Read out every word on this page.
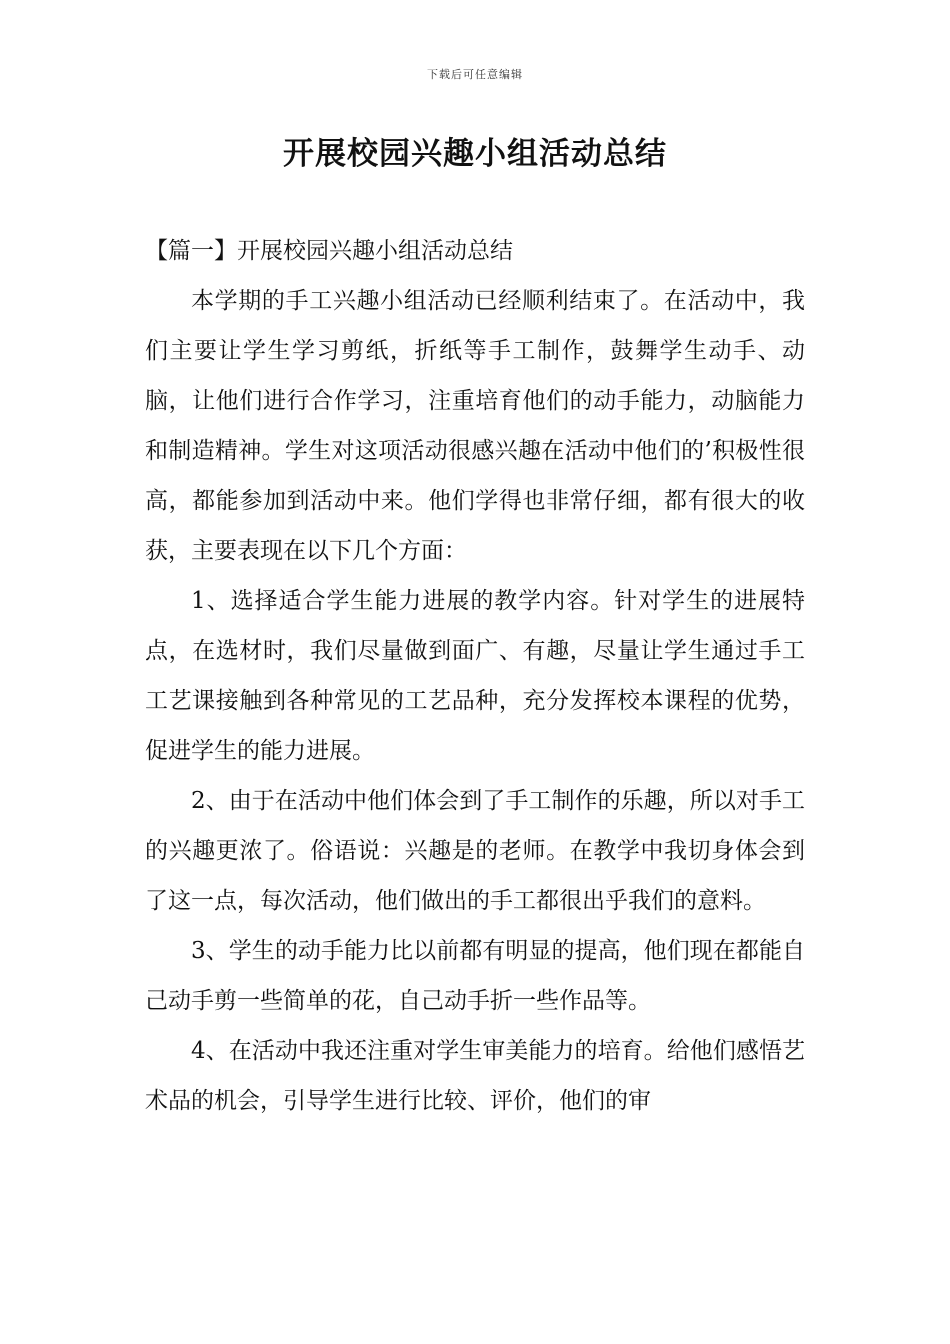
下载后可任意编辑
开展校园兴趣小组活动总结

【篇一】开展校园兴趣小组活动总结

本学期的手工兴趣小组活动已经顺利结束了。在活动中，我们主要让学生学习剪纸，折纸等手工制作，鼓舞学生动手、动脑，让他们进行合作学习，注重培育他们的动手能力，动脑能力和制造精神。学生对这项活动很感兴趣在活动中他们的’积极性很高，都能参加到活动中来。他们学得也非常仔细，都有很大的收获，主要表现在以下几个方面：

1、选择适合学生能力进展的教学内容。针对学生的进展特点，在选材时，我们尽量做到面广、有趣，尽量让学生通过手工工艺课接触到各种常见的工艺品种，充分发挥校本课程的优势，促进学生的能力进展。

2、由于在活动中他们体会到了手工制作的乐趣，所以对手工的兴趣更浓了。俗语说：兴趣是的老师。在教学中我切身体会到了这一点，每次活动，他们做出的手工都很出乎我们的意料。

3、学生的动手能力比以前都有明显的提高，他们现在都能自己动手剪一些简单的花，自己动手折一些作品等。

4、在活动中我还注重对学生审美能力的培育。给他们感悟艺术品的机会，引导学生进行比较、评价，他们的审
